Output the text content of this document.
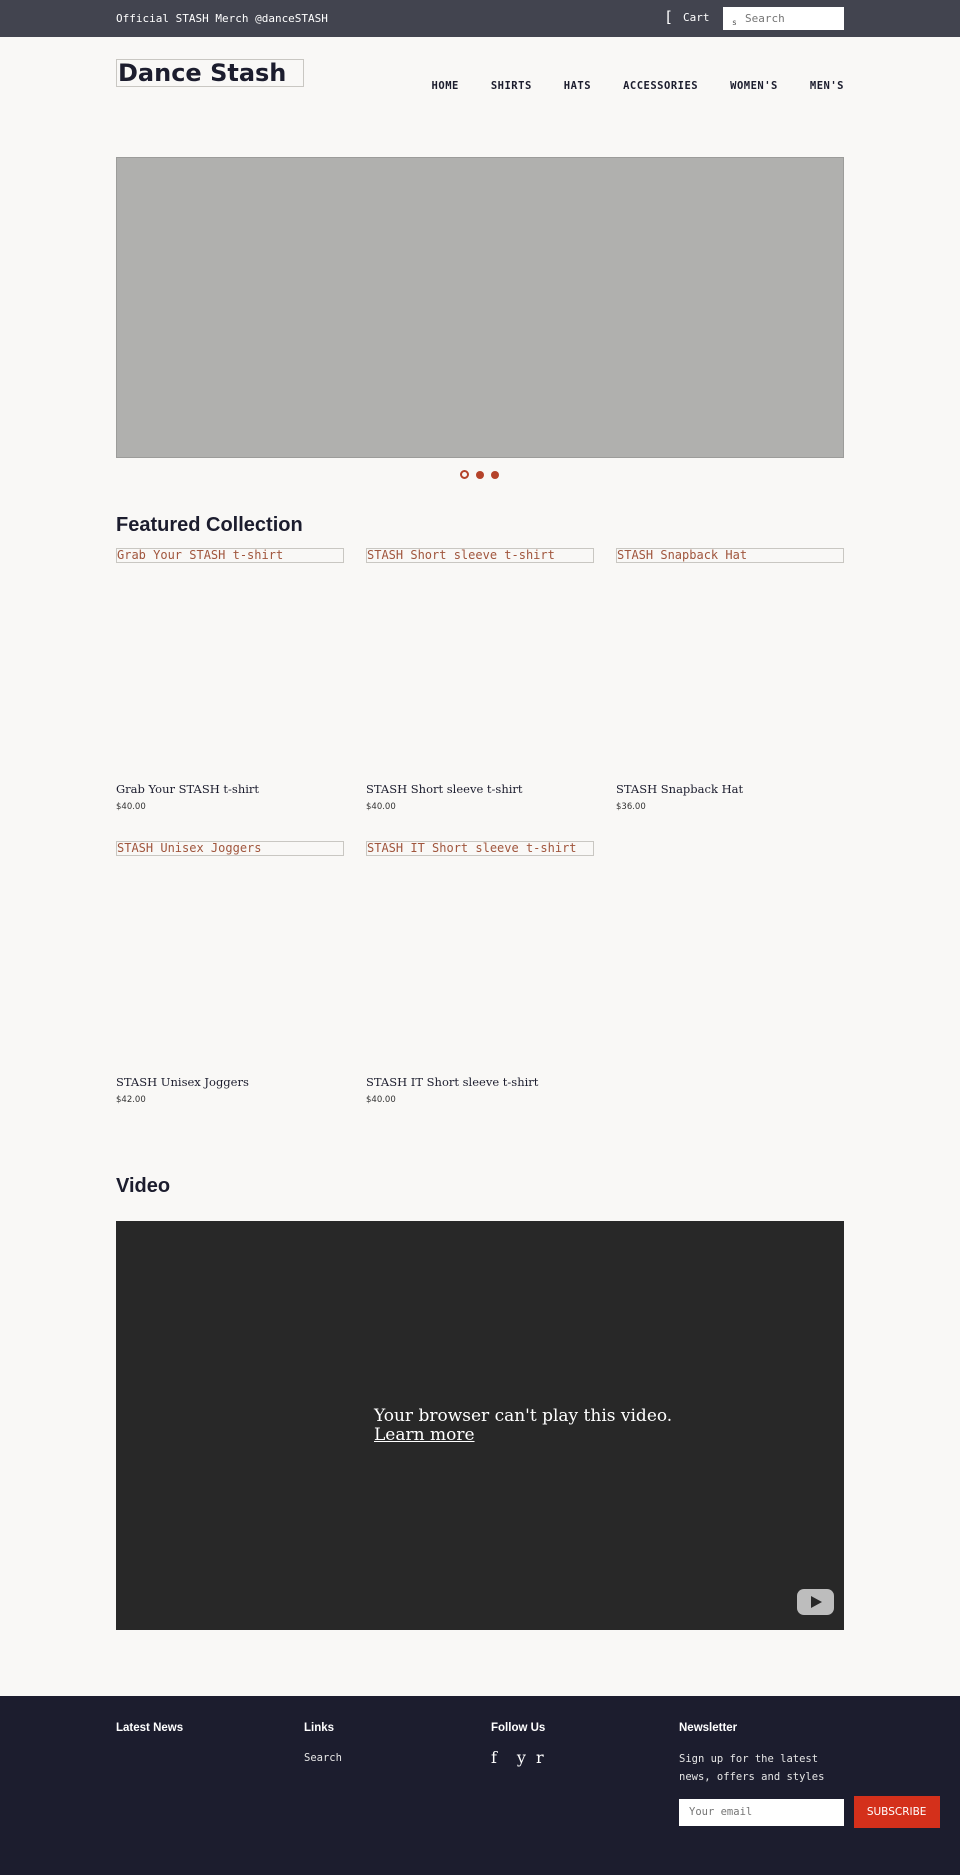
Official STASH Merch @danceSTASH	[ Cart	s
Search
Dance Stash	HOME	SHIRTS	HATS	ACCESSORIES	WOMEN'S	MEN'S
Featured Collection
Grab Your STASH t-shirt
Grab Your STASH t-shirt
$40.00
STASH Short sleeve t-shirt
STASH Short sleeve t-shirt
$40.00
STASH Snapback Hat
STASH Snapback Hat
$36.00
STASH Unisex Joggers
STASH Unisex Joggers
$42.00
STASH IT Short sleeve t-shirt
STASH IT Short sleeve t-shirt
$40.00
Video
Your browser can't play this video.
Learn more
Latest News	Links
Search
Follow Us
f y r
Newsletter

Sign up for the latest news, offers and styles

Your email SUBSCRIBE
